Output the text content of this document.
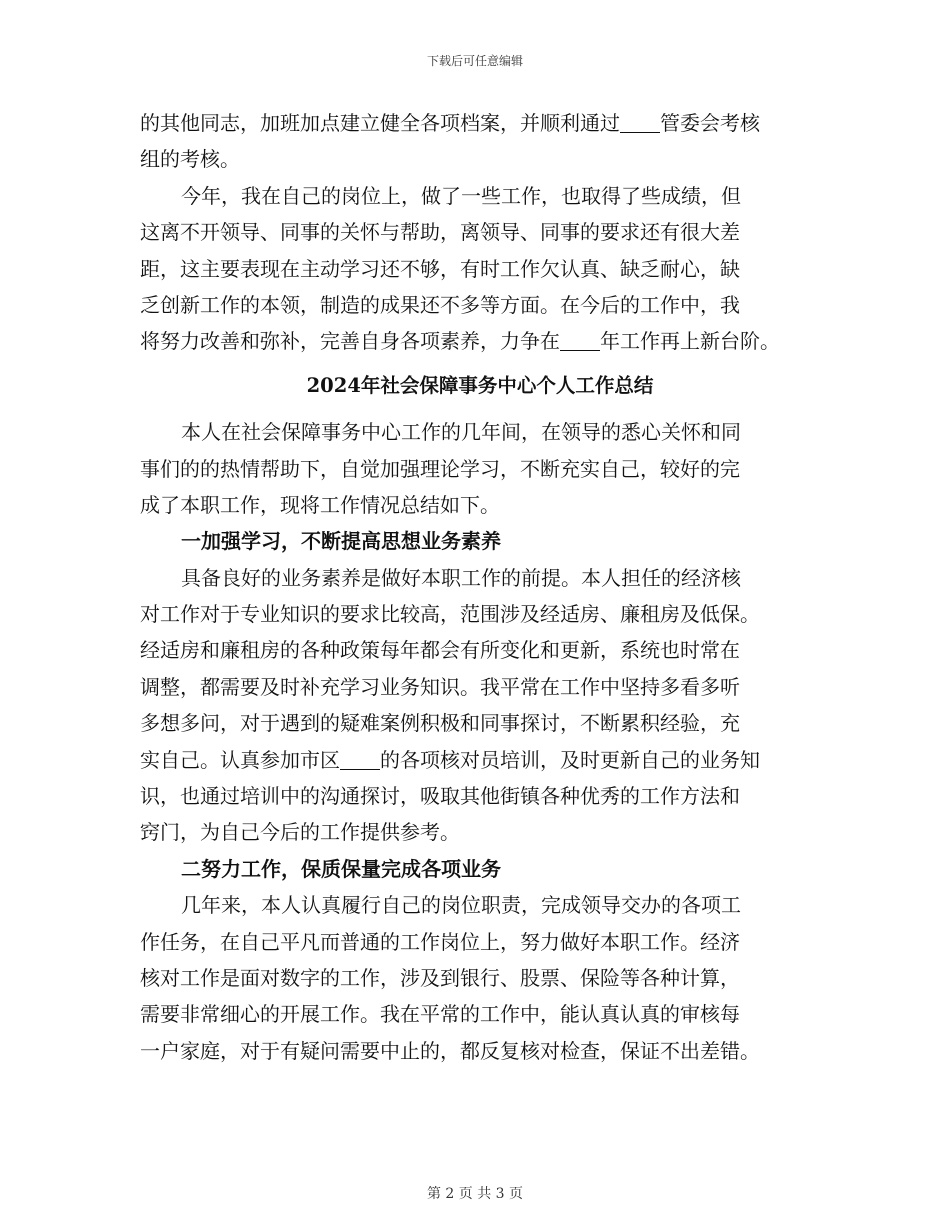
下载后可任意编辑
的其他同志，加班加点建立健全各项档案，并顺利通过 管委会考核
组的考核。
今年，我在自己的岗位上，做了一些工作，也取得了些成绩，但
这离不开领导、同事的关怀与帮助，离领导、同事的要求还有很大差
距，这主要表现在主动学习还不够，有时工作欠认真、缺乏耐心，缺
乏创新工作的本领，制造的成果还不多等方面。在今后的工作中，我
将努力改善和弥补，完善自身各项素养，力争在 年工作再上新台阶。
2024年社会保障事务中心个人工作总结
本人在社会保障事务中心工作的几年间，在领导的悉心关怀和同
事们的的热情帮助下，自觉加强理论学习，不断充实自己，较好的完
成了本职工作，现将工作情况总结如下。
一加强学习，不断提高思想业务素养
具备良好的业务素养是做好本职工作的前提。本人担任的经济核
对工作对于专业知识的要求比较高，范围涉及经适房、廉租房及低保。
经适房和廉租房的各种政策每年都会有所变化和更新，系统也时常在
调整，都需要及时补充学习业务知识。我平常在工作中坚持多看多听
多想多问，对于遇到的疑难案例积极和同事探讨，不断累积经验，充
实自己。认真参加市区 的各项核对员培训，及时更新自己的业务知
识，也通过培训中的沟通探讨，吸取其他街镇各种优秀的工作方法和
窍门，为自己今后的工作提供参考。
二努力工作，保质保量完成各项业务
几年来，本人认真履行自己的岗位职责，完成领导交办的各项工
作任务，在自己平凡而普通的工作岗位上，努力做好本职工作。经济
核对工作是面对数字的工作，涉及到银行、股票、保险等各种计算，
需要非常细心的开展工作。我在平常的工作中，能认真认真的审核每
一户家庭，对于有疑问需要中止的，都反复核对检查，保证不出差错。
第 2 页 共 3 页
